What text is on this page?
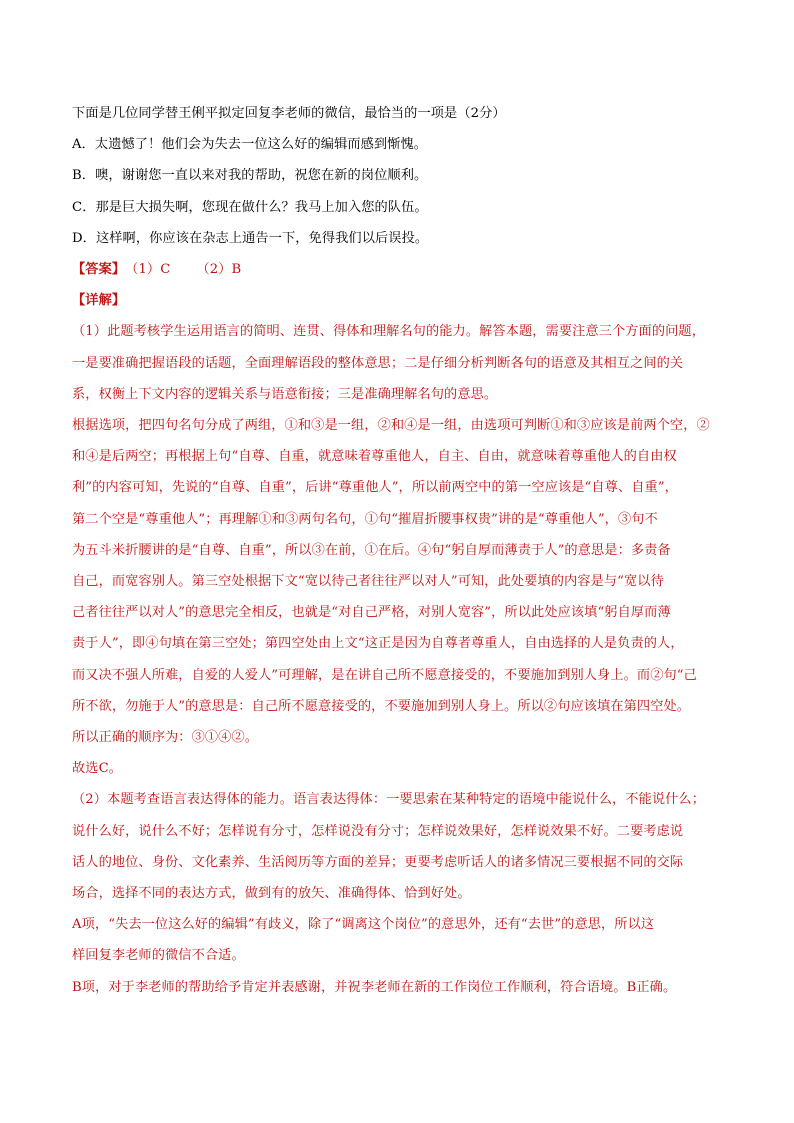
下面是几位同学替王俐平拟定回复李老师的微信，最恰当的一项是（2分）
A．太遗憾了！他们会为失去一位这么好的编辑而感到惭愧。
B．噢，谢谢您一直以来对我的帮助，祝您在新的岗位顺利。
C．那是巨大损失啊，您现在做什么？我马上加入您的队伍。
D．这样啊，你应该在杂志上通告一下，免得我们以后误投。
【答案】 （1）C （2）B
【详解】
（1）此题考核学生运用语言的简明、连贯、得体和理解名句的能力。解答本题，需要注意三个方面的问题，
一是要准确把握语段的话题，全面理解语段的整体意思；二是仔细分析判断各句的语意及其相互之间的关
系，权衡上下文内容的逻辑关系与语意衔接；三是准确理解名句的意思。
根据选项，把四句名句分成了两组，①和③是一组，②和④是一组，由选项可判断①和③应该是前两个空，②
和④是后两空；再根据上句“自尊、自重，就意味着尊重他人，自主、自由，就意味着尊重他人的自由权
利”的内容可知，先说的“自尊、自重”，后讲“尊重他人”，所以前两空中的第一空应该是“自尊、自重”，
第二个空是“尊重他人”；再理解①和③两句名句，①句“摧眉折腰事权贵”讲的是“尊重他人”，③句不
为五斗米折腰讲的是“自尊、自重”，所以③在前，①在后。④句“躬自厚而薄责于人”的意思是：多责备
自己，而宽容别人。第三空处根据下文“宽以待己者往往严以对人”可知，此处要填的内容是与“宽以待
己者往往严以对人”的意思完全相反，也就是“对自己严格，对别人宽容”，所以此处应该填“躬自厚而薄
责于人”，即④句填在第三空处；第四空处由上文“这正是因为自尊者尊重人，自由选择的人是负责的人，
而又决不强人所难，自爱的人爱人”可理解，是在讲自己所不愿意接受的，不要施加到别人身上。而②句“己
所不欲，勿施于人”的意思是：自己所不愿意接受的，不要施加到别人身上。所以②句应该填在第四空处。
所以正确的顺序为：③①④②。
故选C。
（2）本题考查语言表达得体的能力。语言表达得体：一要思索在某种特定的语境中能说什么，不能说什么；
说什么好，说什么不好；怎样说有分寸，怎样说没有分寸；怎样说效果好，怎样说效果不好。二要考虑说
话人的地位、身份、文化素养、生活阅历等方面的差异；更要考虑听话人的诸多情况三要根据不同的交际
场合，选择不同的表达方式，做到有的放矢、准确得体、恰到好处。
A项，“失去一位这么好的编辑”有歧义，除了“调离这个岗位”的意思外，还有“去世”的意思，所以这
样回复李老师的微信不合适。
B项，对于李老师的帮助给予肯定并表感谢，并祝李老师在新的工作岗位工作顺利，符合语境。B正确。
